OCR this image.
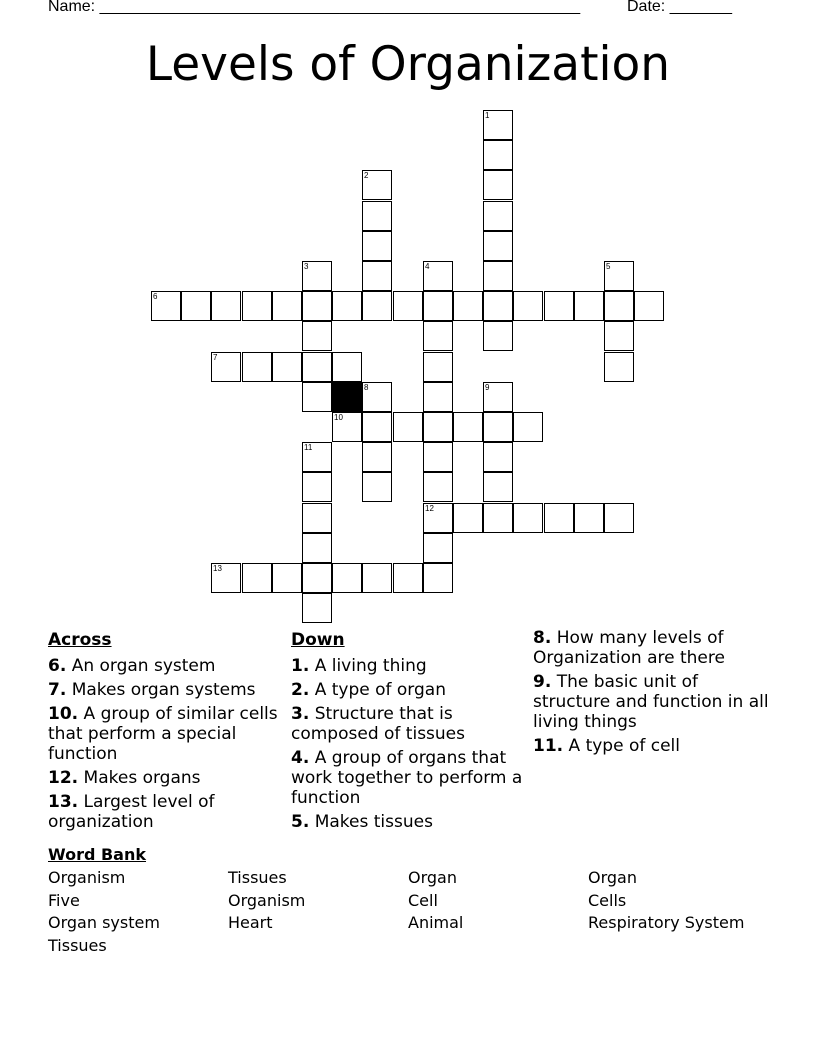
Name: ______________________________________________________	Date: _______
Levels of Organization
1
2
3	4
12
5
6
7
8	9
10
11
13
Across
6. An organ system
7. Makes organ systems
10. A group of similar cells that perform a special function
12. Makes organs
13. Largest level of organization
Down
1. A living thing
2. A type of organ
3. Structure that is composed of tissues
4. A group of organs that work together to perform a function
5. Makes tissues
8. How many levels of Organization are there
9. The basic unit of structure and function in all living things
11. A type of cell
Word Bank
Organism	Tissues	Organ	Organ
Five	Organism	Cell	Cells
Organ system	Heart	Animal	Respiratory System
Tissues
